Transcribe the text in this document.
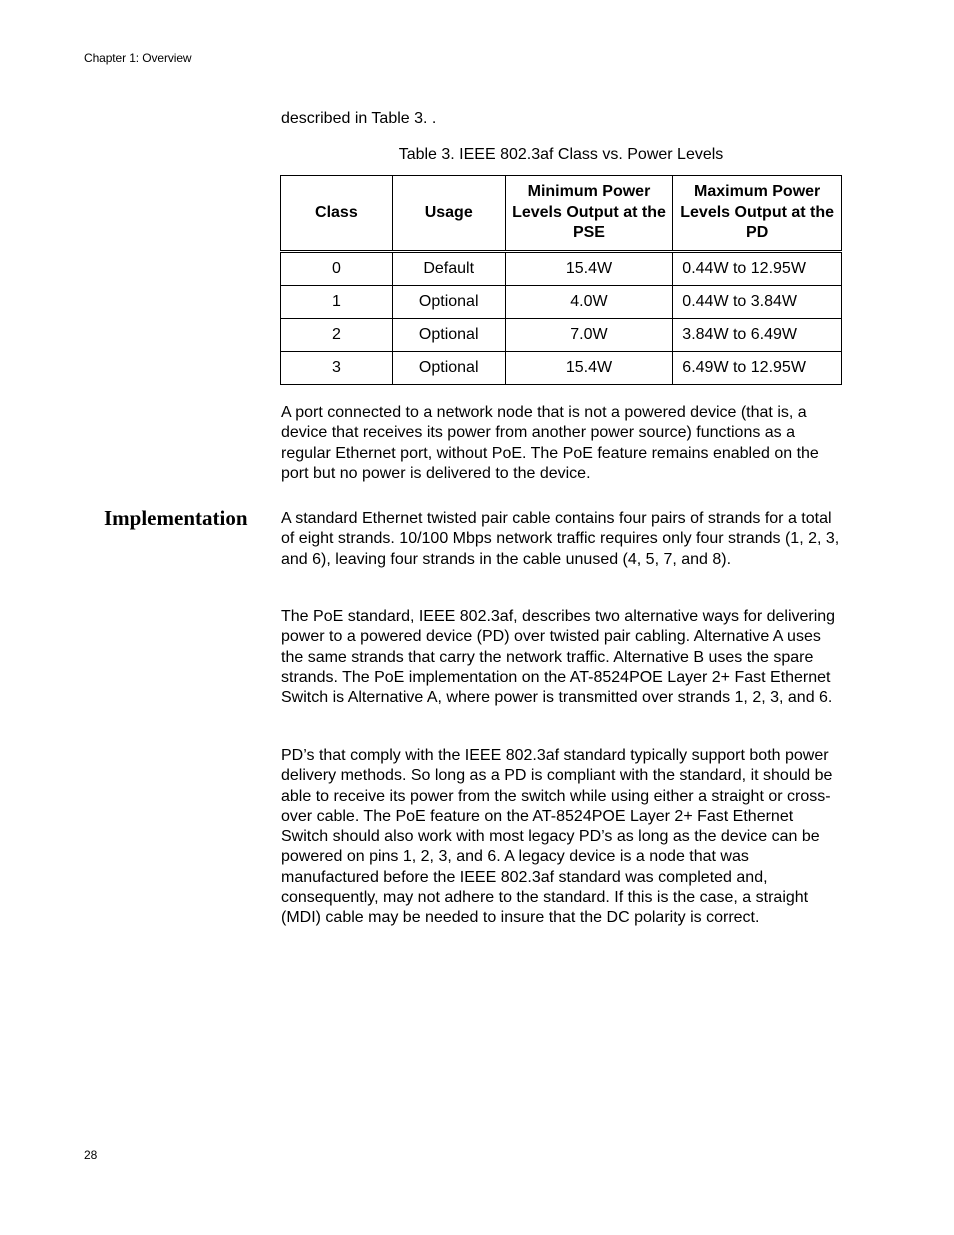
Chapter 1: Overview
described in Table 3. .
Table 3. IEEE 802.3af Class vs. Power Levels
Class	Usage	Minimum Power Levels Output at the PSE	Maximum Power Levels Output at the PD
0	Default	15.4W	0.44W to 12.95W
1	Optional	4.0W	0.44W to 3.84W
2	Optional	7.0W	3.84W to 6.49W
3	Optional	15.4W	6.49W to 12.95W

A port connected to a network node that is not a powered device (that is, a device that receives its power from another power source) functions as a regular Ethernet port, without PoE. The PoE feature remains enabled on the port but no power is delivered to the device.

Implementation A standard Ethernet twisted pair cable contains four pairs of strands for a total of eight strands. 10/100 Mbps network traffic requires only four strands (1, 2, 3, and 6), leaving four strands in the cable unused (4, 5, 7, and 8).

The PoE standard, IEEE 802.3af, describes two alternative ways for delivering power to a powered device (PD) over twisted pair cabling. Alternative A uses the same strands that carry the network traffic. Alternative B uses the spare strands. The PoE implementation on the AT-8524POE Layer 2+ Fast Ethernet Switch is Alternative A, where power is transmitted over strands 1, 2, 3, and 6.

PD’s that comply with the IEEE 802.3af standard typically support both power delivery methods. So long as a PD is compliant with the standard, it should be able to receive its power from the switch while using either a straight or cross-over cable. The PoE feature on the AT-8524POE Layer 2+ Fast Ethernet Switch should also work with most legacy PD’s as long as the device can be powered on pins 1, 2, 3, and 6. A legacy device is a node that was manufactured before the IEEE 802.3af standard was completed and, consequently, may not adhere to the standard. If this is the case, a straight (MDI) cable may be needed to insure that the DC polarity is correct.

28
